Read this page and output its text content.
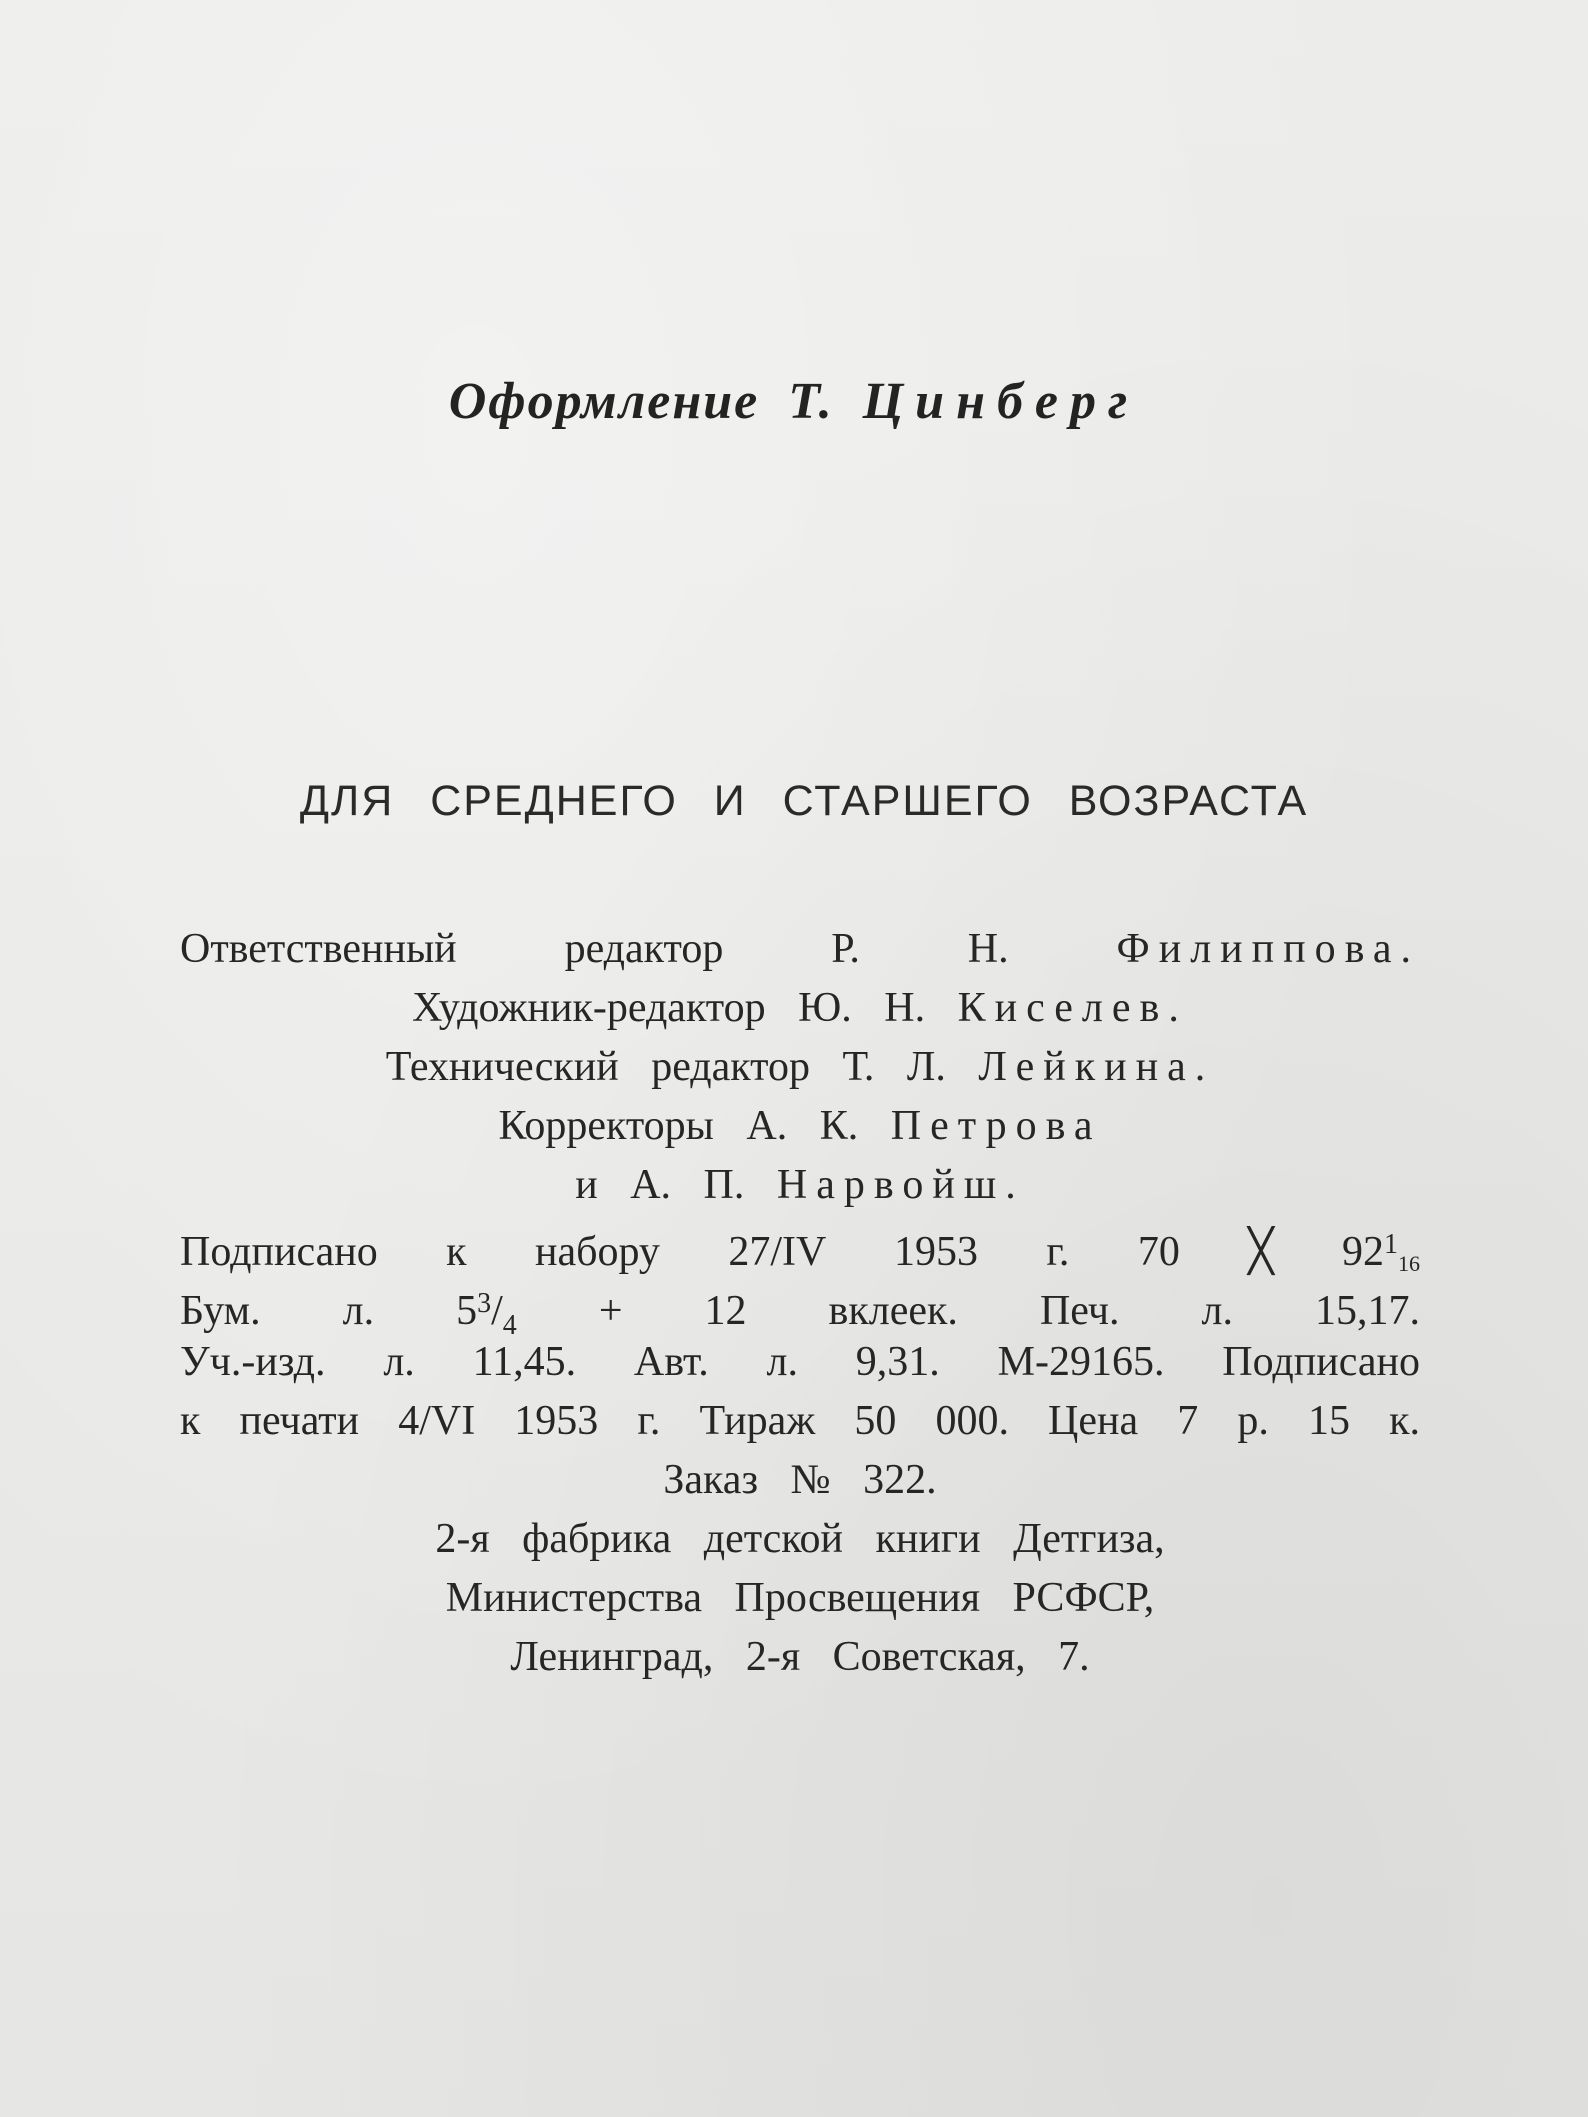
Оформление Т. Цинберг
ДЛЯ СРЕДНЕГО И СТАРШЕГО ВОЗРАСТА
Ответственный редактор Р. Н.	Филиппова.
Художник-редактор Ю. Н. Киселев.
Технический редактор Т. Л. Лейкина.
Корректоры А. К. Петрова
и А. П. Нарвойш.
Подписано к набору 27/IV 1953 г. 70 ╳ $92^116$
Бум. л. $5^3/_4 + 12$ вклеек. Печ. л. 15,17.
Уч.-изд. л. 11,45. Авт. л. 9,31. М-29165. Подписано
к печати 4/VI 1953 г. Тираж 50 000. Цена 7 р. 15 к.
Заказ № 322.
2-я фабрика детской книги Детгиза,
Министерства Просвещения РСФСР,
Ленинград, 2-я Советская, 7.
